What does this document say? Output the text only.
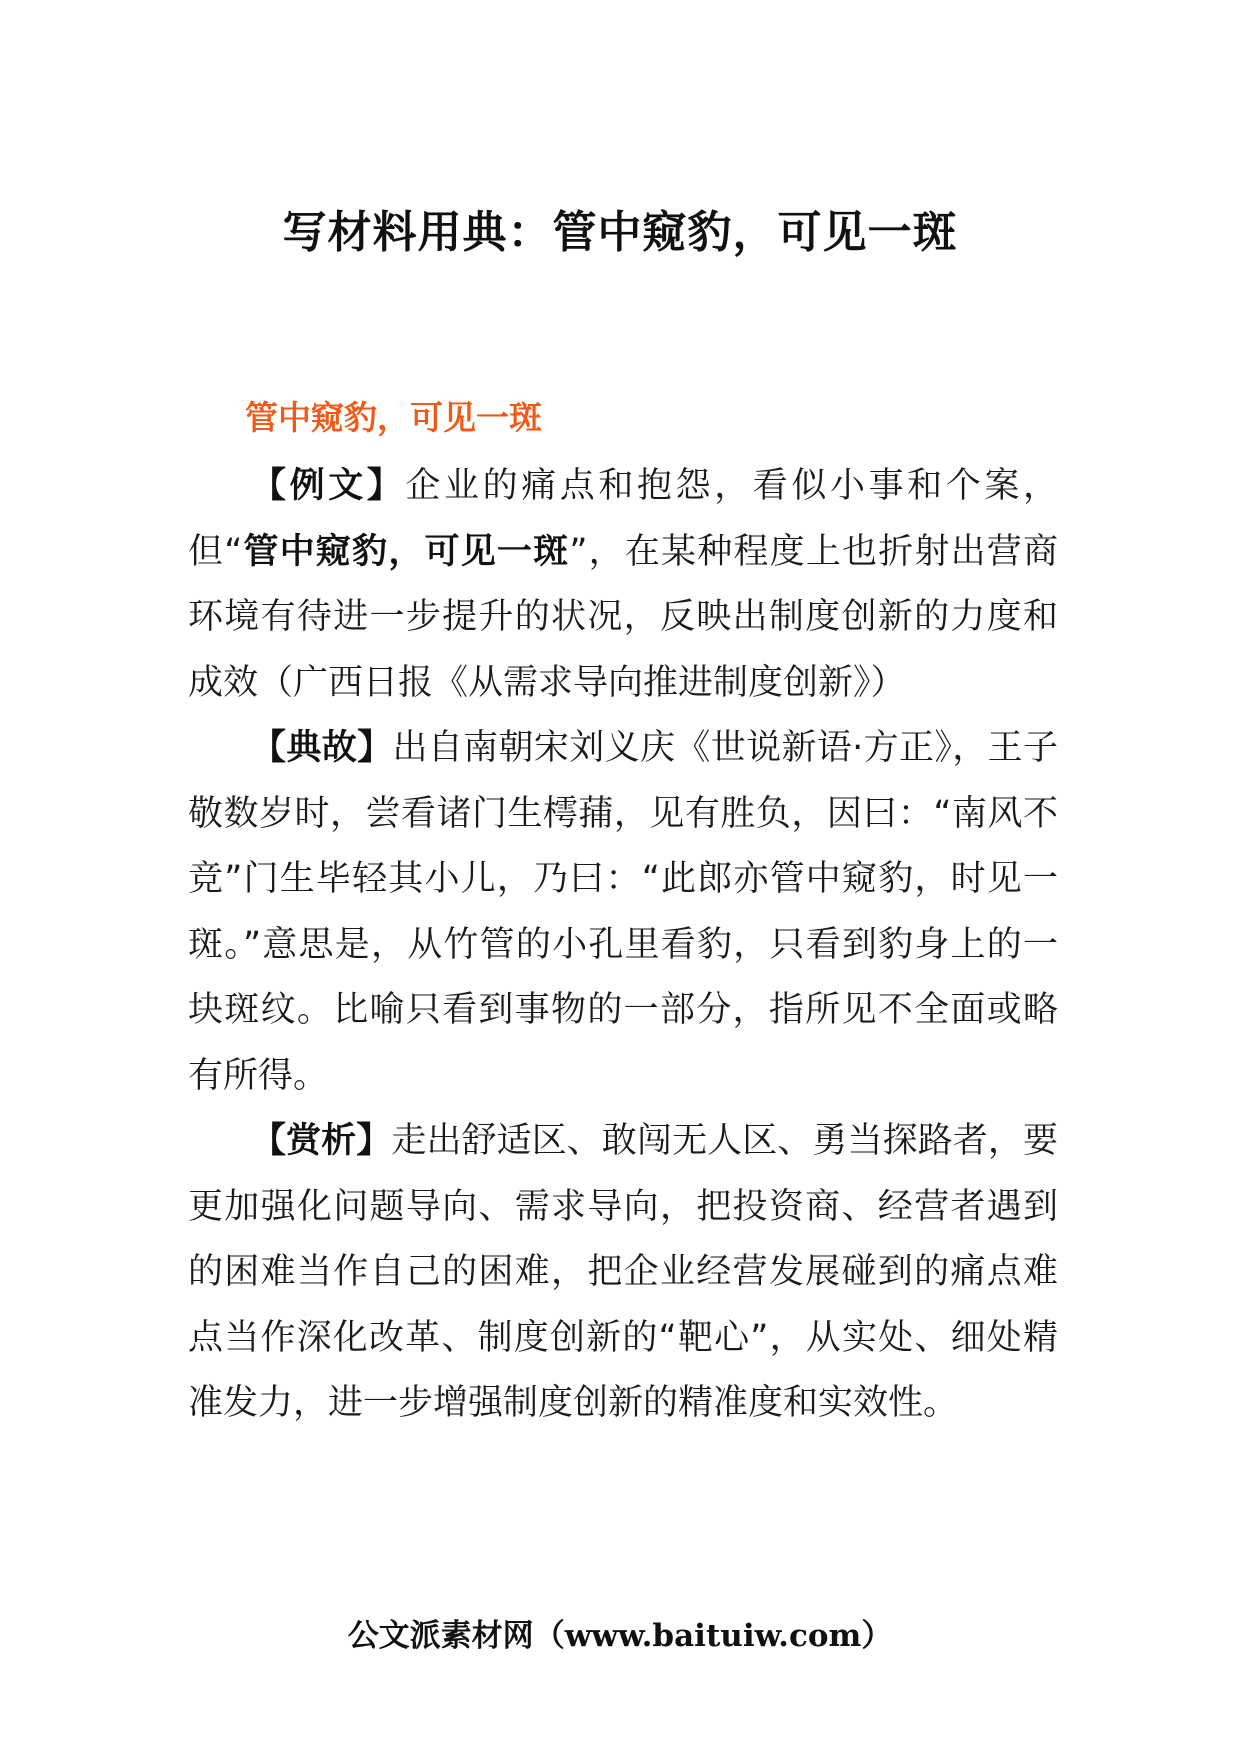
写材料用典：管中窥豹，可见一斑
管中窥豹，可见一斑

【例文】企业的痛点和抱怨，看似小事和个案，但“管中窥豹，可见一斑”，在某种程度上也折射出营商环境有待进一步提升的状况，反映出制度创新的力度和成效（广西日报《从需求导向推进制度创新》）

【典故】出自南朝宋刘义庆《世说新语·方正》，王子敬数岁时，尝看诸门生樗蒱，见有胜负，因曰：“南风不竞”门生毕轻其小儿，乃曰：“此郎亦管中窥豹，时见一斑。”意思是，从竹管的小孔里看豹，只看到豹身上的一块斑纹。比喻只看到事物的一部分，指所见不全面或略有所得。

【赏析】走出舒适区、敢闯无人区、勇当探路者，要更加强化问题导向、需求导向，把投资商、经营者遇到的困难当作自己的困难，把企业经营发展碰到的痛点难点当作深化改革、制度创新的“靶心”，从实处、细处精准发力，进一步增强制度创新的精准度和实效性。

公文派素材网（www.baituiw.com）
